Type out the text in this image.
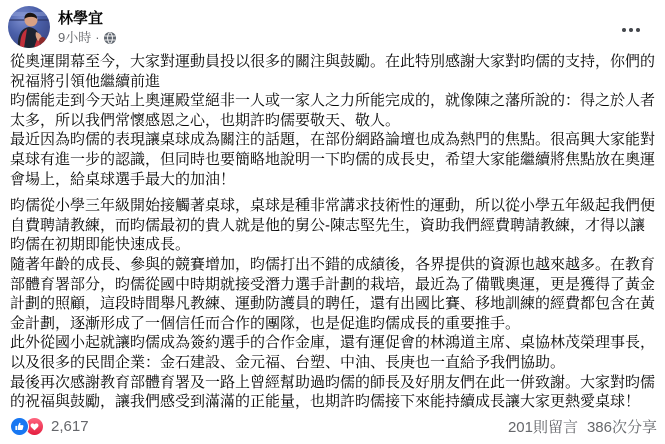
林學宜
9小時 ·

從奧運開幕至今，大家對運動員投以很多的關注與鼓勵。在此特別感謝大家對昀儒的支持，你們的祝福將引領他繼續前進

昀儒能走到今天站上奧運殿堂絕非一人或一家人之力所能完成的，就像陳之藩所說的：得之於人者太多，所以我們常懷感恩之心，也期許昀儒要敬天、敬人。

最近因為昀儒的表現讓桌球成為關注的話題，在部份網路論壇也成為熱門的焦點。很高興大家能對桌球有進一步的認識，但同時也要簡略地說明一下昀儒的成長史，希望大家能繼續將焦點放在奧運會場上，給桌球選手最大的加油！

昀儒從小學三年級開始接觸著桌球，桌球是種非常講求技術性的運動，所以從小學五年級起我們便自費聘請教練，而昀儒最初的貴人就是他的舅公-陳志堅先生，資助我們經費聘請教練，才得以讓昀儒在初期即能快速成長。

隨著年齡的成長、參與的競賽增加，昀儒打出不錯的成績後，各界提供的資源也越來越多。在教育部體育署部分，昀儒從國中時期就接受潛力選手計劃的栽培，最近為了備戰奧運，更是獲得了黃金計劃的照顧，這段時間舉凡教練、運動防護員的聘任，還有出國比賽、移地訓練的經費都包含在黃金計劃，逐漸形成了一個信任而合作的團隊，也是促進昀儒成長的重要推手。

此外從國小起就讓昀儒成為簽約選手的合作金庫，還有運促會的林鴻道主席、桌協林茂榮理事長，以及很多的民間企業：金石建設、金元福、台塑、中油、長庚也一直給予我們協助。

最後再次感謝教育部體育署及一路上曾經幫助過昀儒的師長及好朋友們在此一併致謝。大家對昀儒的祝福與鼓勵，讓我們感受到滿滿的正能量，也期許昀儒接下來能持續成長讓大家更熱愛桌球！

2,617	201則留言 386次分享
